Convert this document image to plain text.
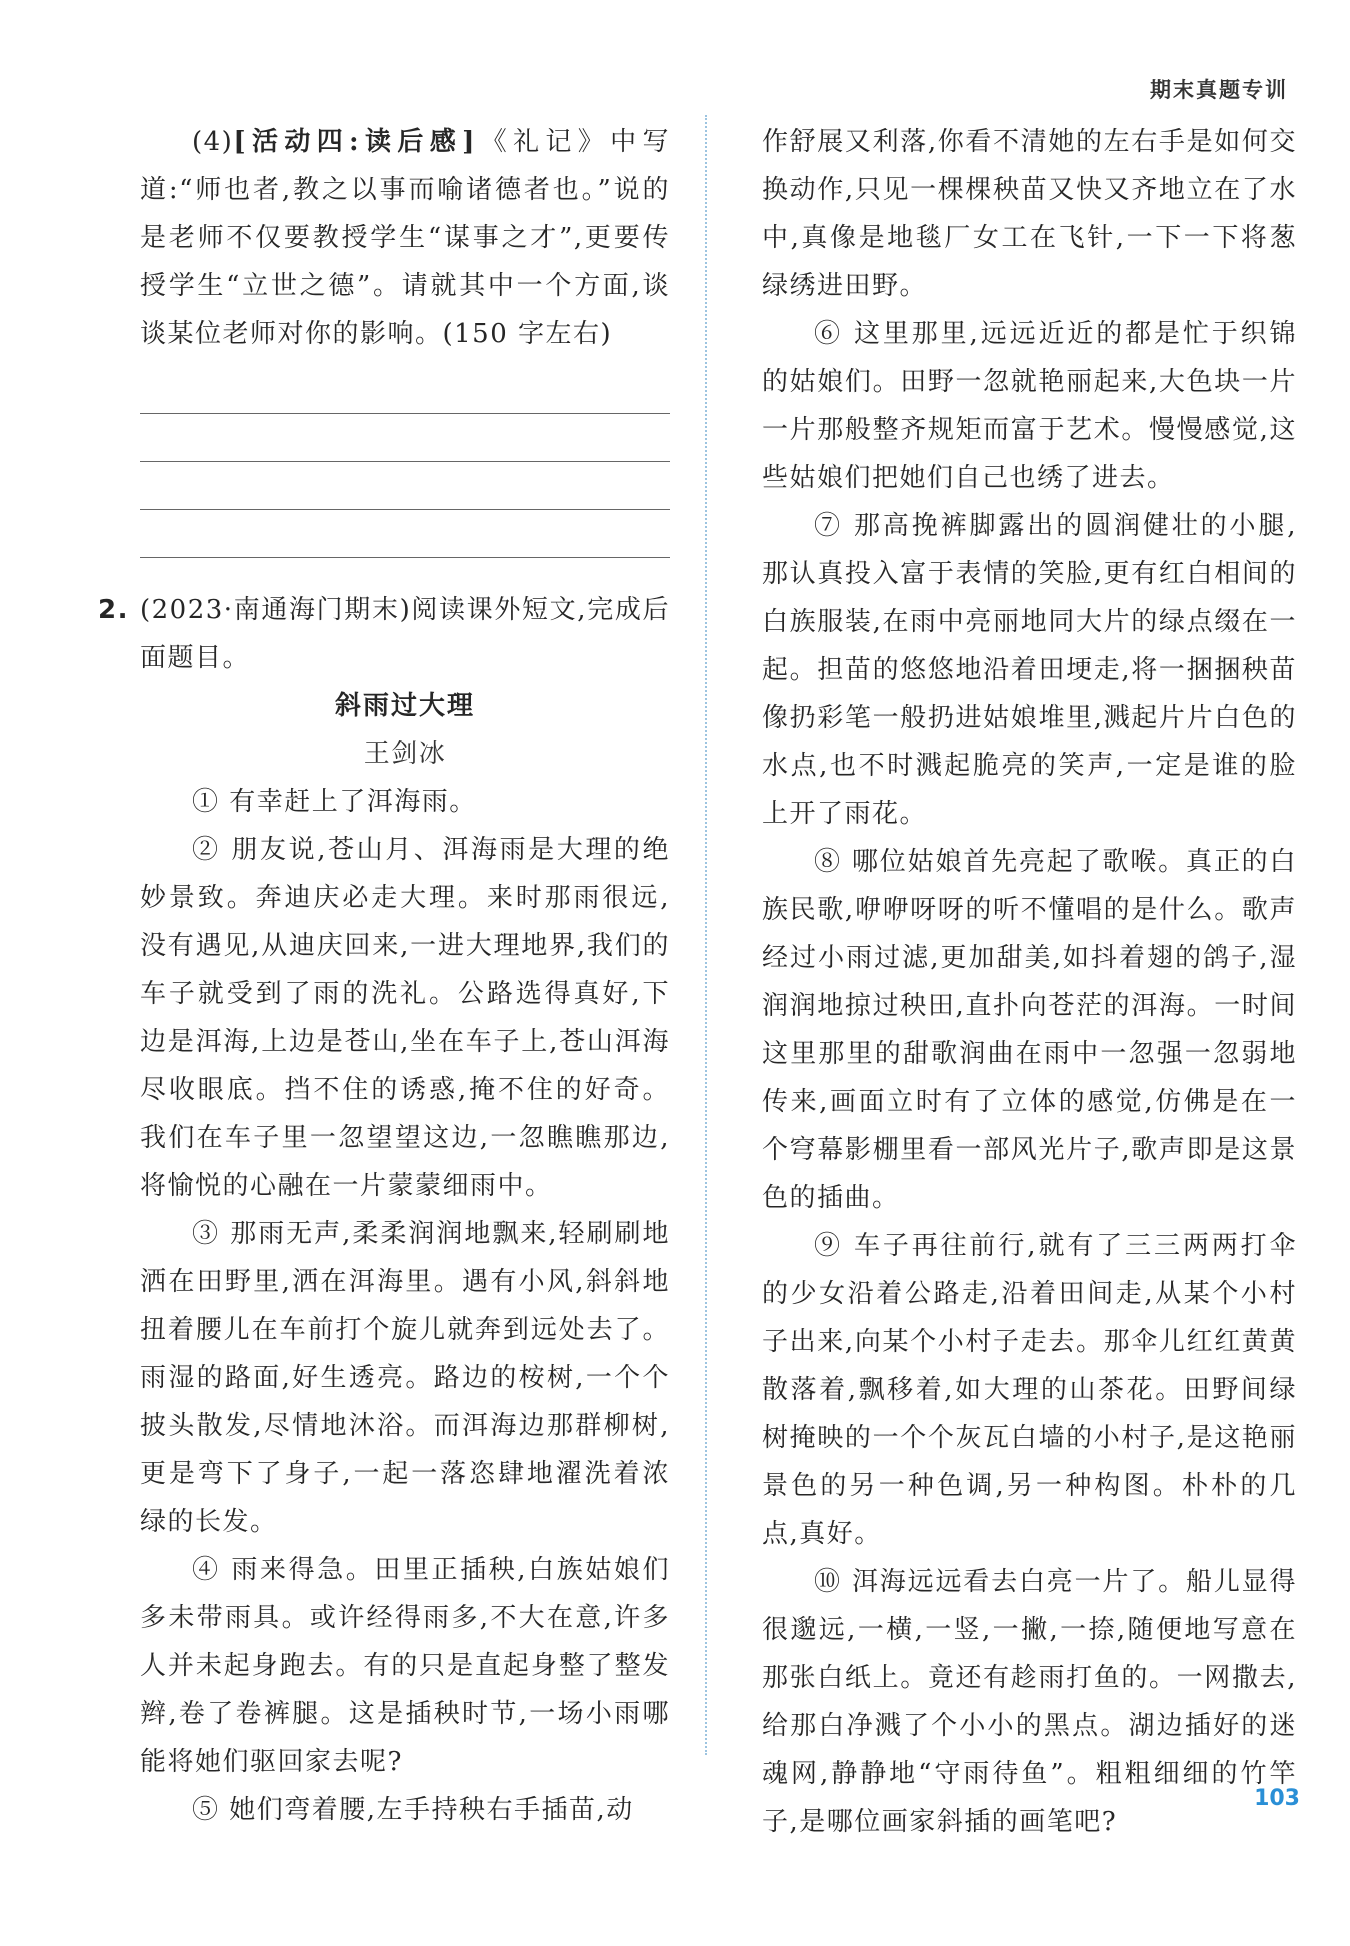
期末真题专训

(4)[活动四:读后感]《礼记》中写道:“师也者,教之以事而喻诸德者也。”说的是老师不仅要教授学生“谋事之才”,更要传授学生“立世之德”。请就其中一个方面,谈谈某位老师对你的影响。(150 字左右)

2. (2023·南通海门期末)阅读课外短文,完成后面题目。

斜雨过大理
王剑冰

① 有幸赶上了洱海雨。

② 朋友说,苍山月、洱海雨是大理的绝妙景致。奔迪庆必走大理。来时那雨很远,没有遇见,从迪庆回来,一进大理地界,我们的车子就受到了雨的洗礼。公路选得真好,下边是洱海,上边是苍山,坐在车子上,苍山洱海尽收眼底。挡不住的诱惑,掩不住的好奇。我们在车子里一忽望望这边,一忽瞧瞧那边,将愉悦的心融在一片蒙蒙细雨中。

③ 那雨无声,柔柔润润地飘来,轻刷刷地洒在田野里,洒在洱海里。遇有小风,斜斜地扭着腰儿在车前打个旋儿就奔到远处去了。雨湿的路面,好生透亮。路边的桉树,一个个披头散发,尽情地沐浴。而洱海边那群柳树,更是弯下了身子,一起一落恣肆地濯洗着浓绿的长发。

④ 雨来得急。田里正插秧,白族姑娘们多未带雨具。或许经得雨多,不大在意,许多人并未起身跑去。有的只是直起身整了整发辫,卷了卷裤腿。这是插秧时节,一场小雨哪能将她们驱回家去呢?

⑤ 她们弯着腰,左手持秧右手插苗,动

作舒展又利落,你看不清她的左右手是如何交换动作,只见一棵棵秧苗又快又齐地立在了水中,真像是地毯厂女工在飞针,一下一下将葱绿绣进田野。

⑥ 这里那里,远远近近的都是忙于织锦的姑娘们。田野一忽就艳丽起来,大色块一片一片那般整齐规矩而富于艺术。慢慢感觉,这些姑娘们把她们自己也绣了进去。

⑦ 那高挽裤脚露出的圆润健壮的小腿,那认真投入富于表情的笑脸,更有红白相间的白族服装,在雨中亮丽地同大片的绿点缀在一起。担苗的悠悠地沿着田埂走,将一捆捆秧苗像扔彩笔一般扔进姑娘堆里,溅起片片白色的水点,也不时溅起脆亮的笑声,一定是谁的脸上开了雨花。

⑧ 哪位姑娘首先亮起了歌喉。真正的白族民歌,咿咿呀呀的听不懂唱的是什么。歌声经过小雨过滤,更加甜美,如抖着翅的鸽子,湿润润地掠过秧田,直扑向苍茫的洱海。一时间这里那里的甜歌润曲在雨中一忽强一忽弱地传来,画面立时有了立体的感觉,仿佛是在一个穹幕影棚里看一部风光片子,歌声即是这景色的插曲。

⑨ 车子再往前行,就有了三三两两打伞的少女沿着公路走,沿着田间走,从某个小村子出来,向某个小村子走去。那伞儿红红黄黄散落着,飘移着,如大理的山茶花。田野间绿树掩映的一个个灰瓦白墙的小村子,是这艳丽景色的另一种色调,另一种构图。朴朴的几点,真好。

⑩ 洱海远远看去白亮一片了。船儿显得很邈远,一横,一竖,一撇,一捺,随便地写意在那张白纸上。竟还有趁雨打鱼的。一网撒去,给那白净溅了个小小的黑点。湖边插好的迷魂网,静静地“守雨待鱼”。粗粗细细的竹竿子,是哪位画家斜插的画笔吧?

103
